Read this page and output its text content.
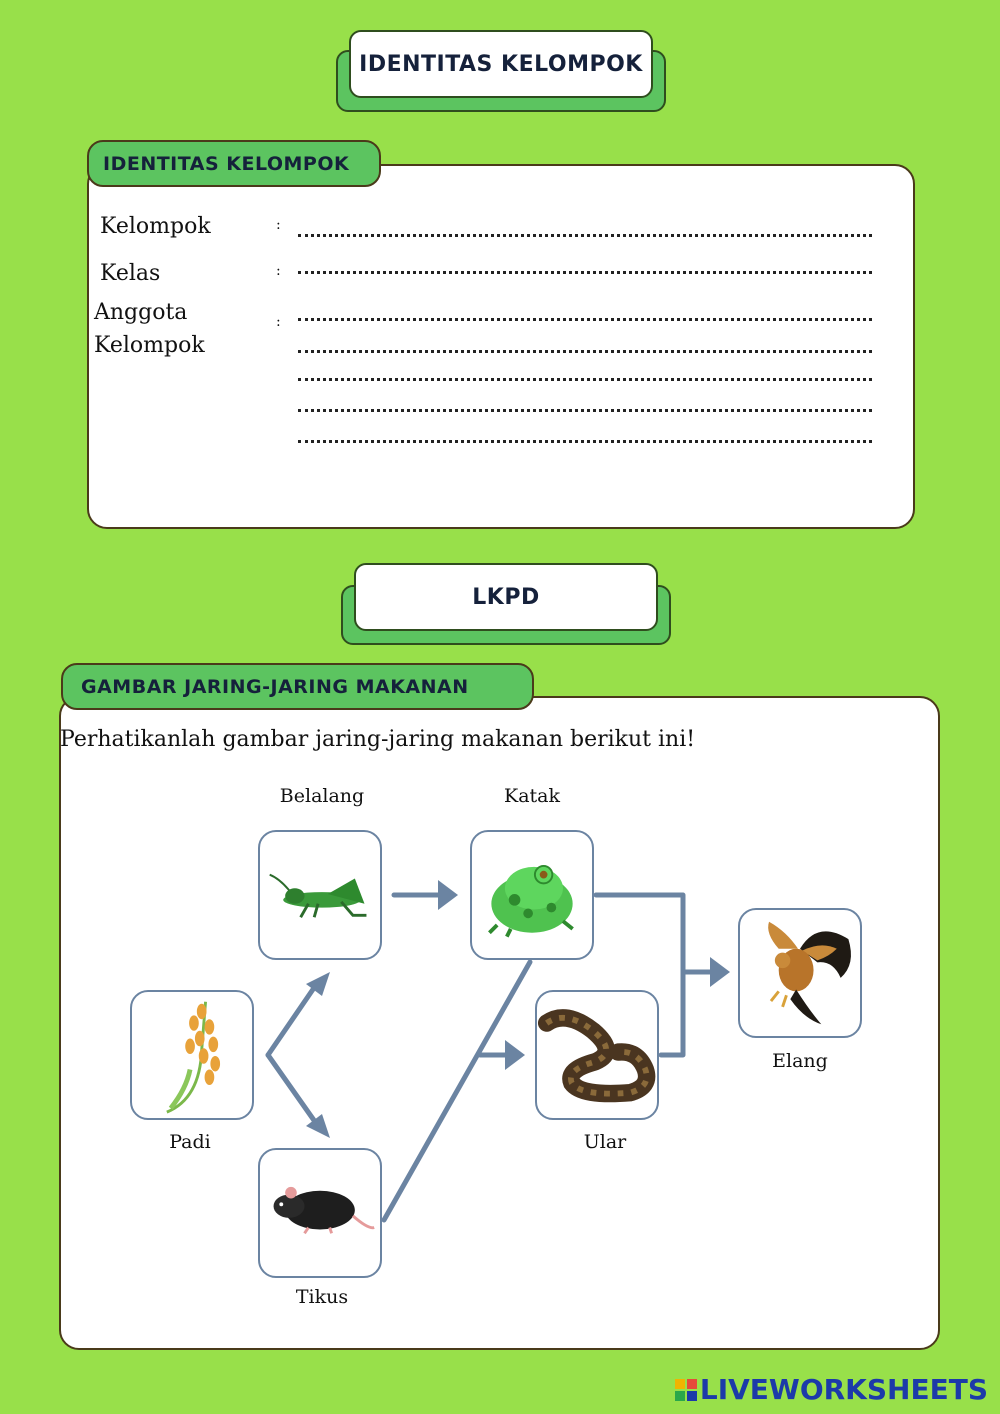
IDENTITAS KELOMPOK
IDENTITAS KELOMPOK
Kelompok	:
Kelas	:
Anggota
Kelompok
:
LKPD
GAMBAR JARING-JARING MAKANAN
Perhatikanlah gambar jaring-jaring makanan berikut ini!
Belalang	Katak
Padi	Ular
Tikus
Elang
LIVEWORKSHEETS
